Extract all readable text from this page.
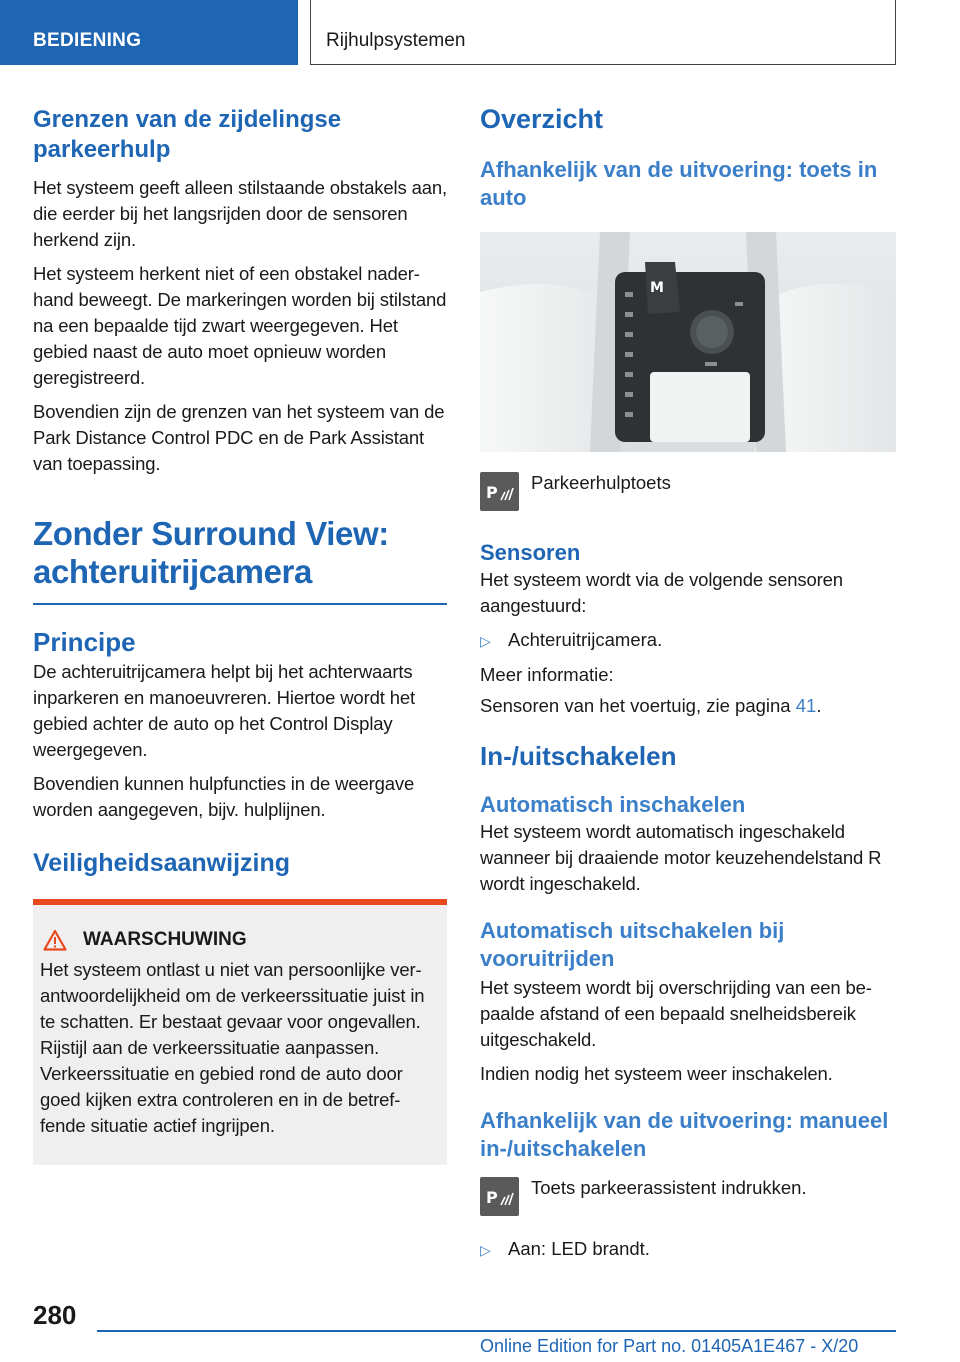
BEDIENING	Rijhulpsystemen
Grenzen van de zijdelingse parkeerhulp
Het systeem geeft alleen stilstaande obstakels aan, die eerder bij het langsrijden door de sensoren herkend zijn.
Het systeem herkent niet of een obstakel naderhand beweegt. De markeringen worden bij stilstand na een bepaalde tijd zwart weergegeven. Het gebied naast de auto moet opnieuw worden geregistreerd.
Bovendien zijn de grenzen van het systeem van de Park Distance Control PDC en de Park Assistant van toepassing.
Zonder Surround View: achteruitrijcamera
Principe
De achteruitrijcamera helpt bij het achterwaarts inparkeren en manoeuvreren. Hiertoe wordt het gebied achter de auto op het Control Display weergegeven.
Bovendien kunnen hulpfuncties in de weergave worden aangegeven, bijv. hulplijnen.
Veiligheidsaanwijzing
WAARSCHUWING
Het systeem ontlast u niet van persoonlijke verantwoordelijkheid om de verkeerssituatie juist in te schatten. Er bestaat gevaar voor ongevallen. Rijstijl aan de verkeerssituatie aanpassen. Verkeerssituatie en gebied rond de auto door goed kijken extra controleren en in de betreffende situatie actief ingrijpen.
Overzicht
Afhankelijk van de uitvoering: toets in auto
M
P Parkeerhulptoets
Sensoren
Het systeem wordt via de volgende sensoren aangestuurd:
▷ Achteruitrijcamera.
Meer informatie:
Sensoren van het voertuig, zie pagina 41.
In-/uitschakelen
Automatisch inschakelen
Het systeem wordt automatisch ingeschakeld wanneer bij draaiende motor keuzehendelstand R wordt ingeschakeld.
Automatisch uitschakelen bij vooruitrijden
Het systeem wordt bij overschrijding van een bepaalde afstand of een bepaald snelheidsbereik uitgeschakeld.
Indien nodig het systeem weer inschakelen.
Afhankelijk van de uitvoering: manueel in-/uitschakelen
P Toets parkeerassistent indrukken.
▷ Aan: LED brandt.
280
Online Edition for Part no. 01405A1E467 - X/20
